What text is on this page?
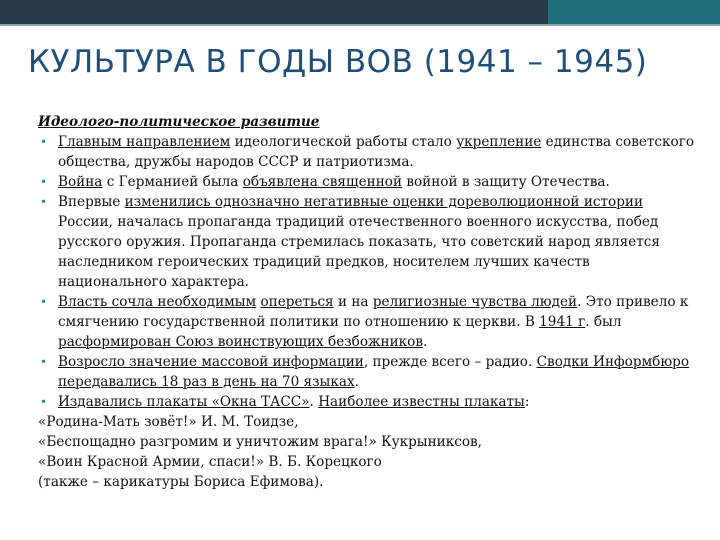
КУЛЬТУРА В ГОДЫ ВОВ (1941 – 1945)
Идеолого-политическое развитие
• Главным направлением идеологической работы стало укрепление единства советского общества, дружбы народов СССР и патриотизма.
• Война с Германией была объявлена священной войной в защиту Отечества.
• Впервые изменились однозначно негативные оценки дореволюционной истории России, началась пропаганда традиций отечественного военного искусства, побед русского оружия. Пропаганда стремилась показать, что советский народ является наследником героических традиций предков, носителем лучших качеств национального характера.
• Власть сочла необходимым опереться и на религиозные чувства людей. Это привело к смягчению государственной политики по отношению к церкви. В 1941 г. был расформирован Союз воинствующих безбожников.
• Возросло значение массовой информации, прежде всего – радио. Сводки Информбюро передавались 18 раз в день на 70 языках.
• Издавались плакаты «Окна ТАСС». Наиболее известны плакаты:
«Родина-Мать зовёт!» И. М. Тоидзе,
«Беспощадно разгромим и уничтожим врага!» Кукрыниксов,
«Воин Красной Армии, спаси!» В. Б. Корецкого
(также – карикатуры Бориса Ефимова).
